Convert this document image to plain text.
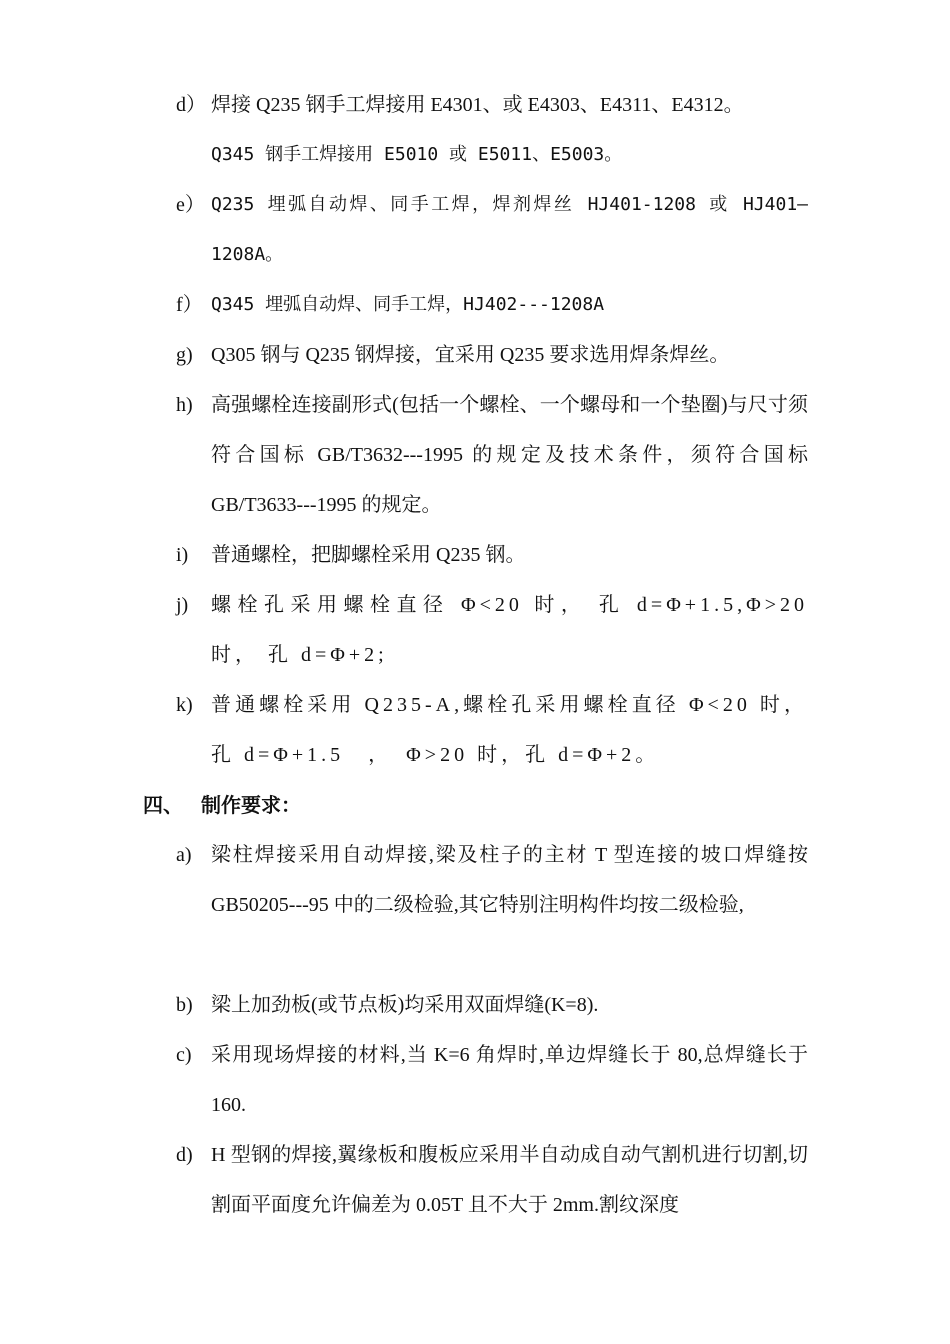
d） 焊接 Q235 钢手工焊接用 E4301、或 E4303、E4311、E4312。
Q345 钢手工焊接用 E5010 或 E5011、E5003。
e） Q235 埋弧自动焊、同手工焊，焊剂焊丝 HJ401-1208 或 HJ401—1208A。
f） Q345 埋弧自动焊、同手工焊，HJ402---1208A
g) Q305 钢与 Q235 钢焊接，宜采用 Q235 要求选用焊条焊丝。
h) 高强螺栓连接副形式(包括一个螺栓、一个螺母和一个垫圈)与尺寸须符合国标 GB/T3632---1995 的规定及技术条件，须符合国标 GB/T3633---1995 的规定。
i)	普通螺栓，把脚螺栓采用 Q235 钢。
j)	螺栓孔采用螺栓直径 Φ<20 时， 孔 d=Φ+1.5,Φ>20 时， 孔 d=Φ+2;
k) 普通螺栓采用 Q235-A,螺栓孔采用螺栓直径 Φ<20 时， 孔 d=Φ+1.5　，　Φ>20 时，孔 d=Φ+2。
四、 制作要求：
a) 梁柱焊接采用自动焊接,梁及柱子的主材 T 型连接的坡口焊缝按 GB50205---95 中的二级检验,其它特别注明构件均按二级检验,
b) 梁上加劲板(或节点板)均采用双面焊缝(K=8).
c) 采用现场焊接的材料,当 K=6 角焊时,单边焊缝长于 80,总焊缝长于 160.
d) H 型钢的焊接,翼缘板和腹板应采用半自动成自动气割机进行切割,切割面平面度允许偏差为 0.05T 且不大于 2mm.割纹深度
